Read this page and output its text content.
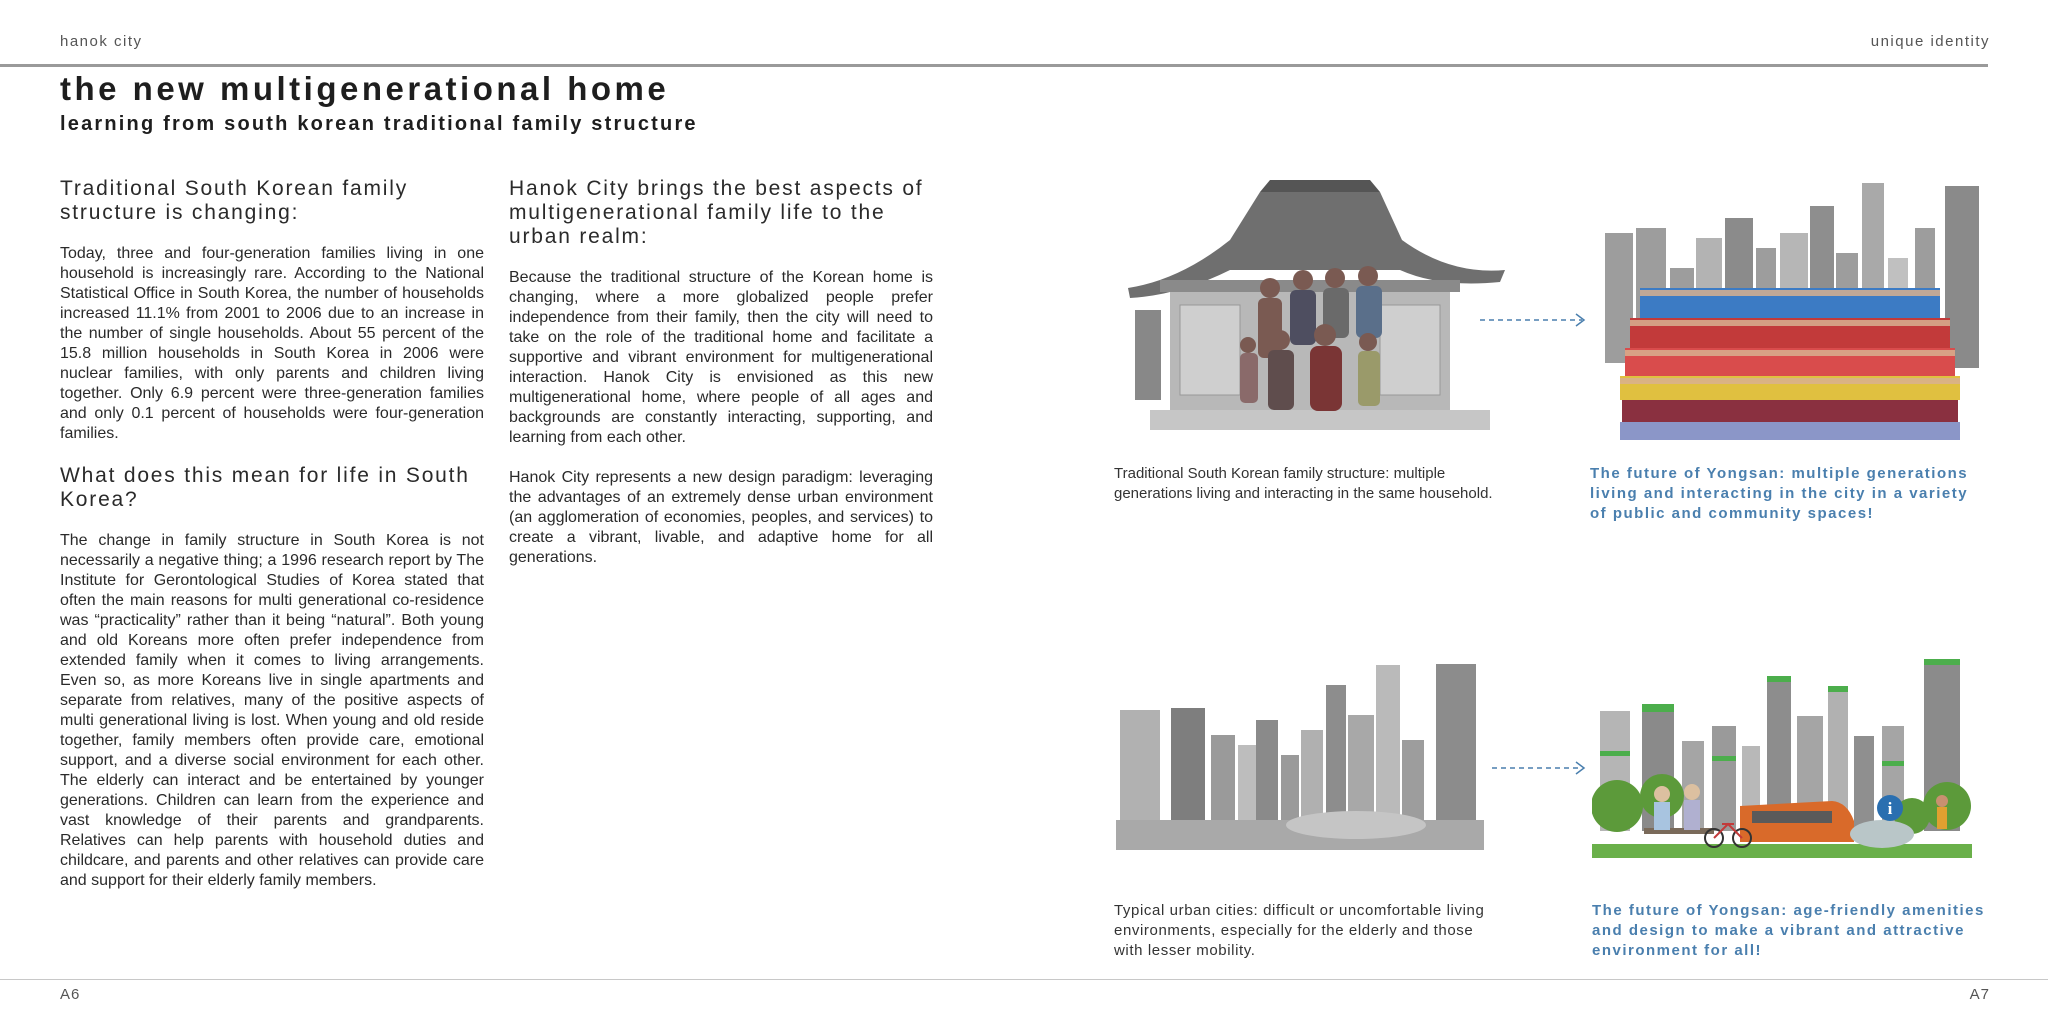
hanok city	unique identity
the new multigenerational home
learning from south korean traditional family structure
Traditional South Korean family structure is changing:

Today, three and four-generation families living in one household is increasingly rare. According to the National Statistical Office in South Korea, the number of households increased 11.1% from 2001 to 2006 due to an increase in the number of single households. About 55 percent of the 15.8 million households in South Korea in 2006 were nuclear families, with only parents and children living together. Only 6.9 percent were three-generation families and only 0.1 percent of households were four-generation families.

What does this mean for life in South Korea?

The change in family structure in South Korea is not necessarily a negative thing; a 1996 research report by The Institute for Gerontological Studies of Korea stated that often the main reasons for multi generational co-residence was “practicality” rather than it being “natural”. Both young and old Koreans more often prefer independence from extended family when it comes to living arrangements. Even so, as more Koreans live in single apartments and separate from relatives, many of the positive aspects of multi generational living is lost. When young and old reside together, family members often provide care, emotional support, and a diverse social environment for each other. The elderly can interact and be entertained by younger generations. Children can learn from the experience and vast knowledge of their parents and grandparents. Relatives can help parents with household duties and childcare, and parents and other relatives can provide care and support for their elderly family members.

Hanok City brings the best aspects of multigenerational family life to the urban realm:

Because the traditional structure of the Korean home is changing, where a more globalized people prefer independence from their family, then the city will need to take on the role of the traditional home and facilitate a supportive and vibrant environment for multigenerational interaction. Hanok City is envisioned as this new multigenerational home, where people of all ages and backgrounds are constantly interacting, supporting, and learning from each other.

Hanok City represents a new design paradigm: leveraging the advantages of an extremely dense urban environment (an agglomeration of economies, peoples, and services) to create a vibrant, livable, and adaptive home for all generations.

i
Traditional South Korean family structure: multiple generations living and interacting in the same household.
The future of Yongsan: multiple generations living and interacting in the city in a variety of public and community spaces!
Typical urban cities: difficult or uncomfortable living environments, especially for the elderly and those with lesser mobility.
The future of Yongsan: age-friendly amenities and design to make a vibrant and attractive environment for all!
A6	A7
